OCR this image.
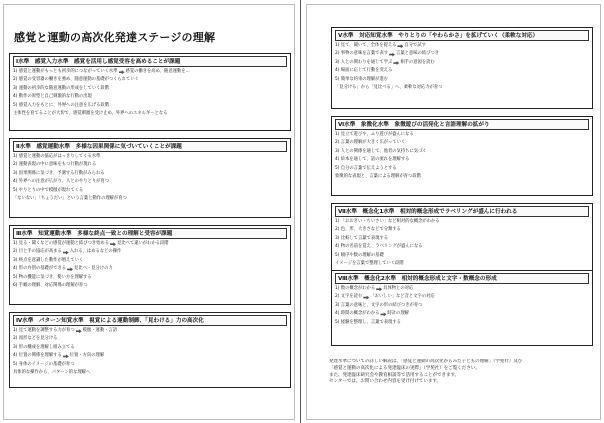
感覚と運動の高次化発達ステージの理解
Ⅰ水準　感覚入力水準　感覚を活用し感覚受容を高めることが課題
1) 感覚と運動がもっとも初歩的につながっていく水準 感覚の働きを高め、随意運動を…
2) 感覚の受容器の働きを強め、随意運動の基礎がつくられていく
3) 運動の初歩的な随意運動の形成をしていく段階
4) 動作の原型と自己刺激的な行動の出現
5) 感覚入力をもとに、外界への注意を広げる段階
主体性を育てることが大切で、感覚刺激を受け止め、外界へのエネルギーとなる
Ⅱ水準　感覚運動水準　多様な因果関係に気づいていくことが課題
1) 感覚と運動の協応がはっきりしてくる水準
2) 運動表現の中に意味をもつ行動が現れる
3) 因果関係に気づき、予測する行動がみられる
4) 外界への注意が広がり、人とのやりとりが育つ
5) やりとりの中で模倣が現れてくる
「ないない」「ちょうだい」という言葉と動作の理解が育つ
Ⅲ水準　知覚運動水準　多様な終点一致との理解と受容が課題
1) 見る・聞くなどの感覚が運動と結びつき始める 見比べて違いがわかる段階
2) 目と手の協応が高まる 入れる、はめるなどの操作
3) 終点を意識した動作が増えていく
4) 形の弁別の基礎ができる 見比べ・見分けの力
5) 物の機能に気づき、使い方を理解する
6) 手順の理解、対応関係の理解が育つ
Ⅳ水準　パターン知覚水準　視覚による運動制御、「見わける」力の高次化
1) 見て運動を調整する力が育つ 模倣・運動・言語
2) 図形などを見分ける
3) 形の構成を理解し組み立てる
4) 位置の関係を理解する 位置・方向の理解
5) 身体のイメージの基礎が育つ
具体的な操作から、パターン的な理解へ
Ⅴ水準　対応知覚水準　やりとりの「やわらかさ」を拡げていく（柔軟な対応）
1) 見て、聞いて、全体を捉える 自分で試す
2) 事物の意味を言葉で表す 言葉と意味の結びつき
3) 人との関わりを通じて学ぶ 相手の意図を読む
4) 場面に応じて行動を変える
5) 簡単な約束の理解が進む
「見分ける」から「見比べる」へ、柔軟な対応力が育つ
Ⅵ水準　象徴化水準　象徴遊びの活発化と言語理解の拡がり
1) 見立て遊びや、ふり遊びが盛んになる
2) 言葉の理解が大きく広がっていく
3) 人との関係を通して、他者の気持ちに気づく
4) 絵本を通して、話の流れを理解する
5) 自分の言葉で伝えようとする
象徴的な表現と、言葉による理解が育つ段階
Ⅶ水準　概念化1水準　相対的概念形成でラベリングが盛んに行われる
1) 「おおきい・ちいさい」など相対的な概念がわかる
2) 色、形、大きさなどで分類する
3) 比較して言葉で表現する
4) 物の名前を覚え、ラベリングが盛んになる
5) 順序や数の理解の基礎
イメージを言葉で整理していく段階
Ⅷ水準　概念化2水準　相対的概念形成と文字・数概念の形成
1) 数の概念がわかる 具体物との対応
2) 文字を読む 「おいしい」など音と文字の対応
3) 言葉の意味と、文字の形の結びつきが育つ
4) 時間の概念がわかる 時計の理解
5) 経験を整理し、言葉で表現する
発達水準についての詳しい解説は、「感覚と運動の高次化からみた子どもの理解」（学苑社）及び
「感覚と運動の高次化による発達臨床の実際」（学苑社）をご覧ください。
また、発達臨床研究会や教育相談等で活用することができます。
センターでは、お問い合わせ内容を受け付けています。
